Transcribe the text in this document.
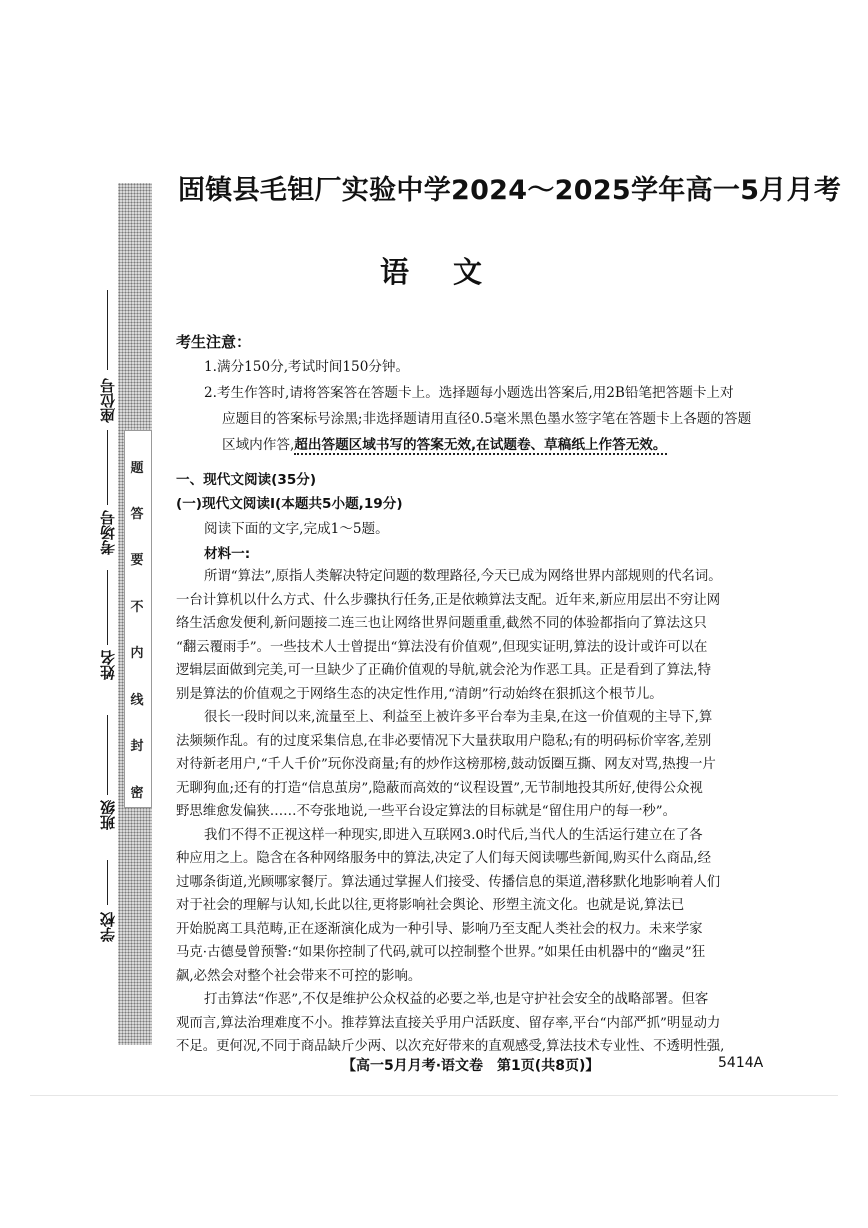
密
封
线
内
不
要
答
题
座位号
考场号
姓名
班级
学校
固镇县毛钽厂实验中学2024～2025学年高一5月月考
语文
考生注意：
1.满分150分,考试时间150分钟。
2.考生作答时,请将答案答在答题卡上。选择题每小题选出答案后,用2B铅笔把答题卡上对
应题目的答案标号涂黑;非选择题请用直径0.5毫米黑色墨水签字笔在答题卡上各题的答题
区域内作答,超出答题区域书写的答案无效,在试题卷、草稿纸上作答无效。
一、现代文阅读(35分)
(一)现代文阅读Ⅰ(本题共5小题,19分)
阅读下面的文字,完成1～5题。
材料一:
所谓“算法”,原指人类解决特定问题的数理路径,今天已成为网络世界内部规则的代名词。
一台计算机以什么方式、什么步骤执行任务,正是依赖算法支配。近年来,新应用层出不穷让网
络生活愈发便利,新问题接二连三也让网络世界问题重重,截然不同的体验都指向了算法这只
“翻云覆雨手”。一些技术人士曾提出“算法没有价值观”,但现实证明,算法的设计或许可以在
逻辑层面做到完美,可一旦缺少了正确价值观的导航,就会沦为作恶工具。正是看到了算法,特
别是算法的价值观之于网络生态的决定性作用,“清朗”行动始终在狠抓这个根节儿。
很长一段时间以来,流量至上、利益至上被许多平台奉为圭臬,在这一价值观的主导下,算
法频频作乱。有的过度采集信息,在非必要情况下大量获取用户隐私;有的明码标价宰客,差别
对待新老用户,“千人千价”玩你没商量;有的炒作这榜那榜,鼓动饭圈互撕、网友对骂,热搜一片
无聊狗血;还有的打造“信息茧房”,隐蔽而高效的“议程设置”,无节制地投其所好,使得公众视
野思维愈发偏狭……不夸张地说,一些平台设定算法的目标就是“留住用户的每一秒”。
我们不得不正视这样一种现实,即进入互联网3.0时代后,当代人的生活运行建立在了各
种应用之上。隐含在各种网络服务中的算法,决定了人们每天阅读哪些新闻,购买什么商品,经
过哪条街道,光顾哪家餐厅。算法通过掌握人们接受、传播信息的渠道,潜移默化地影响着人们
对于社会的理解与认知,长此以往,更将影响社会舆论、形塑主流文化。也就是说,算法已
开始脱离工具范畴,正在逐渐演化成为一种引导、影响乃至支配人类社会的权力。未来学家
马克·古德曼曾预警:“如果你控制了代码,就可以控制整个世界。”如果任由机器中的“幽灵”狂
飙,必然会对整个社会带来不可控的影响。
打击算法“作恶”,不仅是维护公众权益的必要之举,也是守护社会安全的战略部署。但客
【高一5月月考·语文卷　第1页(共8页)】	5414A
观而言,算法治理难度不小。推荐算法直接关乎用户活跃度、留存率,平台“内部严抓”明显动力
不足。更何况,不同于商品缺斤少两、以次充好带来的直观感受,算法技术专业性、不透明性强,
